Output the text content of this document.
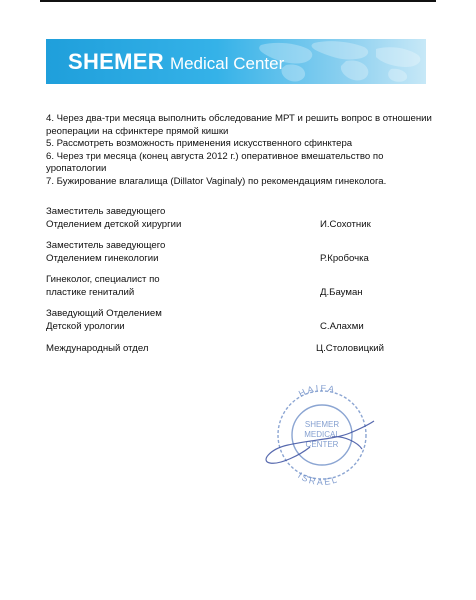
SHEMER Medical Center

4. Через два-три месяца выполнить обследование МРТ и решить вопрос в отношении реоперации на сфинктере прямой кишки

5. Рассмотреть возможность применения искусственного сфинктера

6. Через три месяца (конец августа 2012 г.) оперативное вмешательство по уропатологии

7. Бужирование влагалища (Dillator Vaginaly) по рекомендациям гинеколога.

Заместитель заведующего
Отделением детской хирургии	И.Сохотник
Заместитель заведующего
Отделением гинекологии	Р.Кробочка
Гинеколог, специалист по
пластике гениталий	Д.Бауман
Заведующий Отделением
Детской урологии	С.Алахми
Международный отдел	Ц.Столовицкий
HAIFA
ISRAEL
SHEMER
MEDICAL
CENTER
